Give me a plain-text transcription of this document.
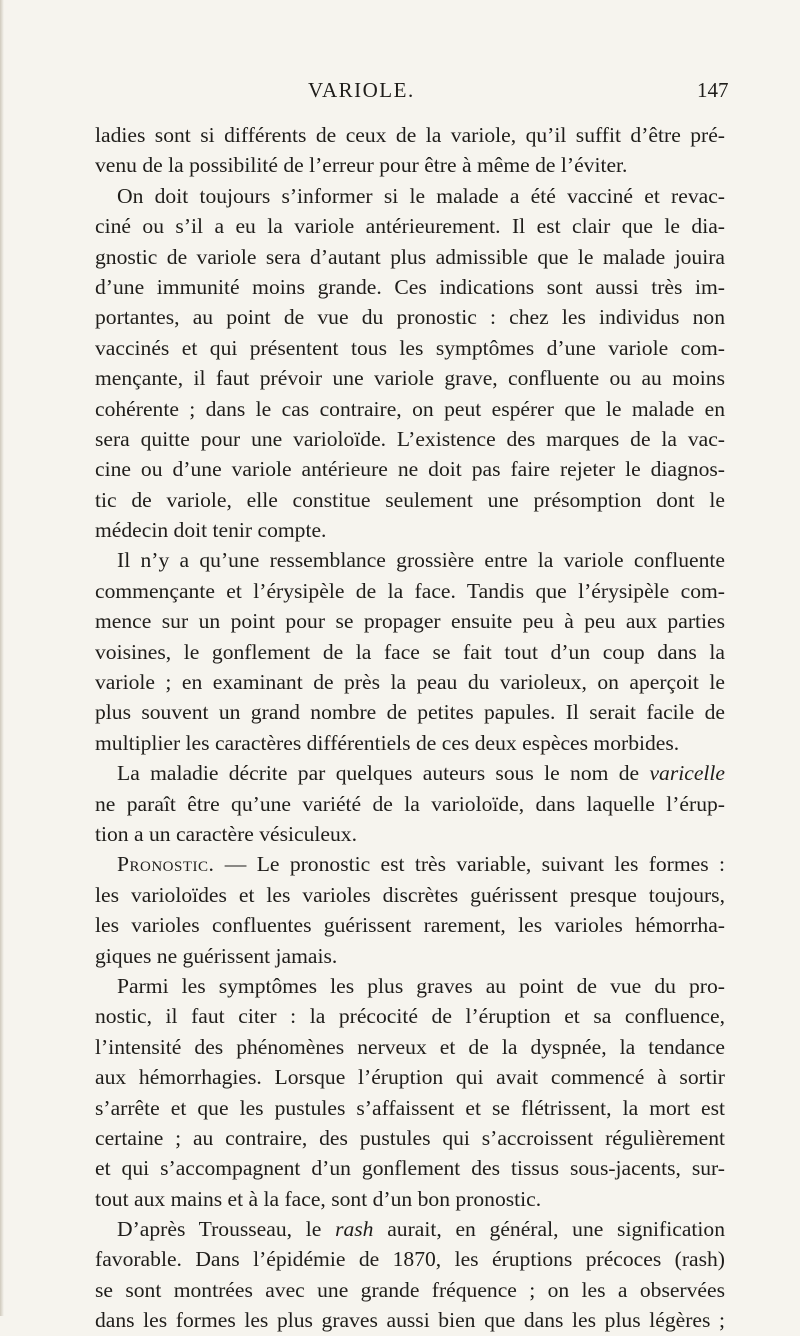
VARIOLE.	147
ladies sont si différents de ceux de la variole, qu’il suffit d’être pré-
venu de la possibilité de l’erreur pour être à même de l’éviter.
On doit toujours s’informer si le malade a été vacciné et revac-
ciné ou s’il a eu la variole antérieurement. Il est clair que le dia-
gnostic de variole sera d’autant plus admissible que le malade jouira
d’une immunité moins grande. Ces indications sont aussi très im-
portantes, au point de vue du pronostic : chez les individus non
vaccinés et qui présentent tous les symptômes d’une variole com-
mençante, il faut prévoir une variole grave, confluente ou au moins
cohérente ; dans le cas contraire, on peut espérer que le malade en
sera quitte pour une varioloïde. L’existence des marques de la vac-
cine ou d’une variole antérieure ne doit pas faire rejeter le diagnos-
tic de variole, elle constitue seulement une présomption dont le
médecin doit tenir compte.
Il n’y a qu’une ressemblance grossière entre la variole confluente
commençante et l’érysipèle de la face. Tandis que l’érysipèle com-
mence sur un point pour se propager ensuite peu à peu aux parties
voisines, le gonflement de la face se fait tout d’un coup dans la
variole ; en examinant de près la peau du varioleux, on aperçoit le
plus souvent un grand nombre de petites papules. Il serait facile de
multiplier les caractères différentiels de ces deux espèces morbides.
La maladie décrite par quelques auteurs sous le nom de varicelle
ne paraît être qu’une variété de la varioloïde, dans laquelle l’érup-
tion a un caractère vésiculeux.
Pronostic. — Le pronostic est très variable, suivant les formes :
les varioloïdes et les varioles discrètes guérissent presque toujours,
les varioles confluentes guérissent rarement, les varioles hémorrha-
giques ne guérissent jamais.
Parmi les symptômes les plus graves au point de vue du pro-
nostic, il faut citer : la précocité de l’éruption et sa confluence,
l’intensité des phénomènes nerveux et de la dyspnée, la tendance
aux hémorrhagies. Lorsque l’éruption qui avait commencé à sortir
s’arrête et que les pustules s’affaissent et se flétrissent, la mort est
certaine ; au contraire, des pustules qui s’accroissent régulièrement
et qui s’accompagnent d’un gonflement des tissus sous-jacents, sur-
tout aux mains et à la face, sont d’un bon pronostic.
D’après Trousseau, le rash aurait, en général, une signification
favorable. Dans l’épidémie de 1870, les éruptions précoces (rash)
se sont montrées avec une grande fréquence ; on les a observées
dans les formes les plus graves aussi bien que dans les plus légères ;
